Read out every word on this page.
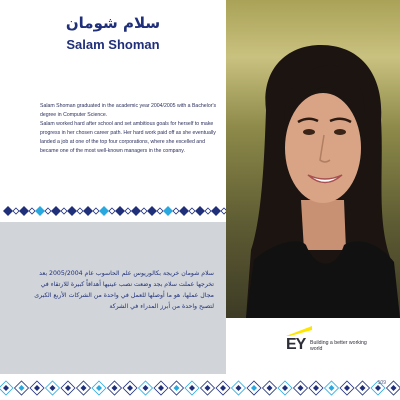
سلام شومان
Salam Shoman

Salam Shoman graduated in the academic year 2004/2005 with a Bachelor's degree in Computer Science.

Salam worked hard after school and set ambitious goals for herself to make progress in her chosen career path. Her hard work paid off as she eventually landed a job at one of the top four corporations, where she excelled and became one of the most well-known managers in the company.

سلام شومان خريجة بكالوريوس علم الحاسوب عام 2005/2004 بعد تخرجها عملت سلام بجد وضعت نصب عينيها أهدافاً كبيرة للارتقاء في مجال عملها، هو ما أوصلها للعمل في واحدة من الشركات الأربع الكبرى لتصبح واحدة من أبرز المدراء في الشركة
EY Building a better working world
109
